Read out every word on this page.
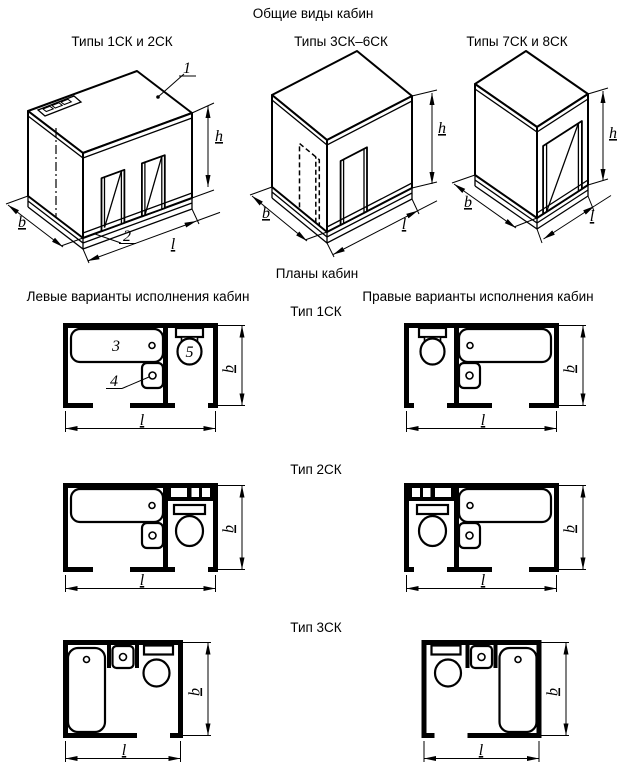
Общие виды кабин
Типы 1СК и 2СК	Типы 3СК–6СК	Типы 7СК и 8СК
Планы кабин
Левые варианты исполнения кабин	Правые варианты исполнения кабин
Тип 1СК
Тип 2СК
Тип 3СК
1
2
b
l
h
b
l
h
b
l
h
3	5
4
b
l
b
l
b
l
b
l
b
l
b
l
